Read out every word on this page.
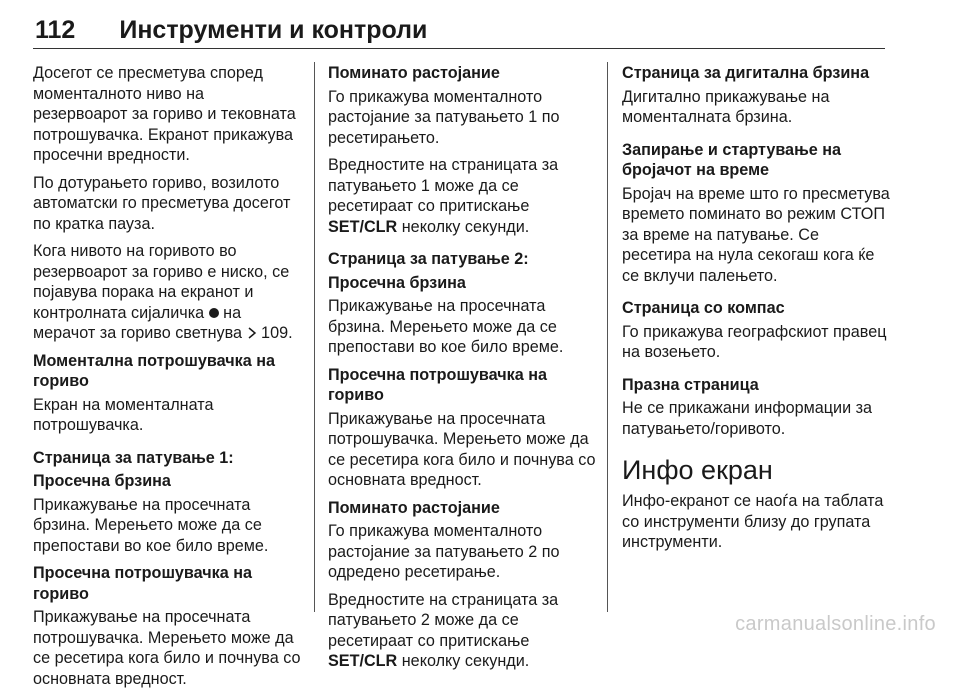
112 Инструменти и контроли

Досегот се пресметува според моменталното ниво на резервоарот за гориво и тековната потрошувачка. Екранот прикажува просечни вредности.

По дотурањето гориво, возилото автоматски го пресметува досегот по кратка пауза.

Кога нивото на горивото во резервоарот за гориво е ниско, се појавува порака на екранот и контролната сијаличка  на мерачот за гориво светнува  109.

Моментална потрошувачка на гориво

Екран на моменталната потрошувачка.

Страница за патување 1:
Просечна брзина

Прикажување на просечната брзина. Мерењето може да се препостави во кое било време.

Просечна потрошувачка на гориво

Прикажување на просечната потрошувачка. Мерењето може да се ресетира кога било и почнува со основната вредност.

Поминато растојание

Го прикажува моменталното растојание за патувањето 1 по ресетирањето.

Вредностите на страницата за патувањето 1 може да се ресетираат со притискање SET/CLR неколку секунди.

Страница за патување 2:
Просечна брзина

Прикажување на просечната брзина. Мерењето може да се препостави во кое било време.

Просечна потрошувачка на гориво

Прикажување на просечната потрошувачка. Мерењето може да се ресетира кога било и почнува со основната вредност.

Поминато растојание

Го прикажува моменталното растојание за патувањето 2 по одредено ресетирање.

Вредностите на страницата за патувањето 2 може да се ресетираат со притискање SET/CLR неколку секунди.

Страница за дигитална брзина

Дигитално прикажување на моменталната брзина.

Запирање и стартување на бројачот на време

Бројач на време што го пресметува времето поминато во режим СТОП за време на патување. Се ресетира на нула секогаш кога ќе се вклучи палењето.

Страница со компас

Го прикажува географскиот правец на возењето.

Празна страница

Не се прикажани информации за патувањето/горивото.

Инфо екран

Инфо-екранот се наоѓа на таблата со инструменти близу до групата инструменти.

carmanualsonline.info
